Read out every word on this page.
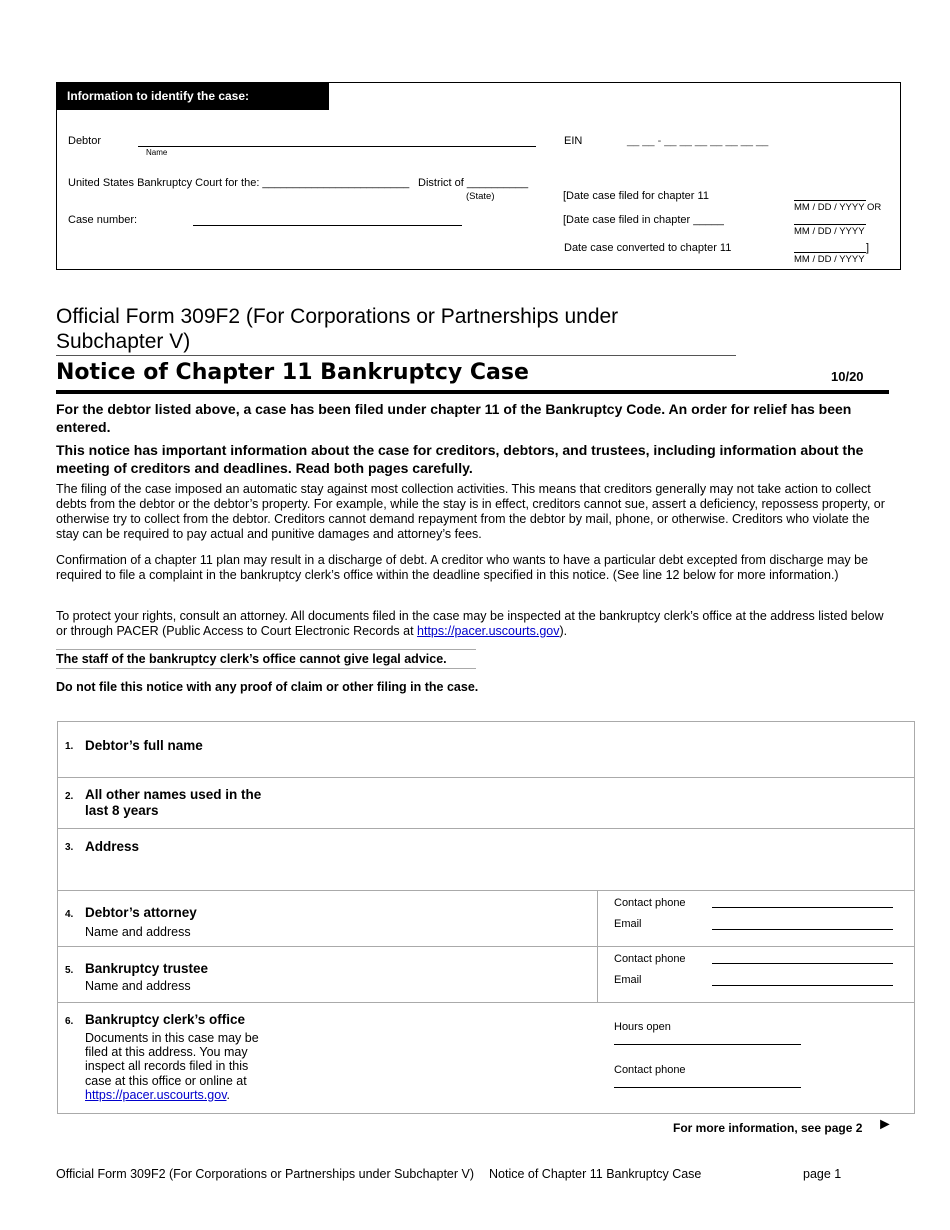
Information to identify the case:
Debtor
Name
EIN	__ __ - __ __ __ __ __ __ __
United States Bankruptcy Court for the: ________________________ District of __________
(State)
Case number:
[Date case filed for chapter 11
MM / DD / YYYY OR
[Date case filed in chapter _____
MM / DD / YYYY
Date case converted to chapter 11	]
MM / DD / YYYY
Official Form 309F2 (For Corporations or Partnerships under
Subchapter V)
Notice of Chapter 11 Bankruptcy Case	10/20
For the debtor listed above, a case has been filed under chapter 11 of the Bankruptcy Code. An order for relief has been entered.
This notice has important information about the case for creditors, debtors, and trustees, including information about the meeting of creditors and deadlines. Read both pages carefully.
The filing of the case imposed an automatic stay against most collection activities. This means that creditors generally may not take action to collect debts from the debtor or the debtor’s property. For example, while the stay is in effect, creditors cannot sue, assert a deficiency, repossess property, or otherwise try to collect from the debtor. Creditors cannot demand repayment from the debtor by mail, phone, or otherwise. Creditors who violate the stay can be required to pay actual and punitive damages and attorney’s fees.
Confirmation of a chapter 11 plan may result in a discharge of debt. A creditor who wants to have a particular debt excepted from discharge may be required to file a complaint in the bankruptcy clerk’s office within the deadline specified in this notice. (See line 12 below for more information.)
To protect your rights, consult an attorney. All documents filed in the case may be inspected at the bankruptcy clerk’s office at the address listed below or through PACER (Public Access to Court Electronic Records at https://pacer.uscourts.gov).
The staff of the bankruptcy clerk’s office cannot give legal advice.
Do not file this notice with any proof of claim or other filing in the case.
1. Debtor’s full name
2. All other names used in the
last 8 years
3. Address
4. Debtor’s attorney
Name and address
Contact phone
Email
5. Bankruptcy trustee
Name and address
Contact phone
Email
6. Bankruptcy clerk’s office
Documents in this case may be
filed at this address. You may
inspect all records filed in this
case at this office or online at
https://pacer.uscourts.gov.
Hours open
Contact phone
For more information, see page 2 ►
Official Form 309F2 (For Corporations or Partnerships under Subchapter V) Notice of Chapter 11 Bankruptcy Case	page 1
